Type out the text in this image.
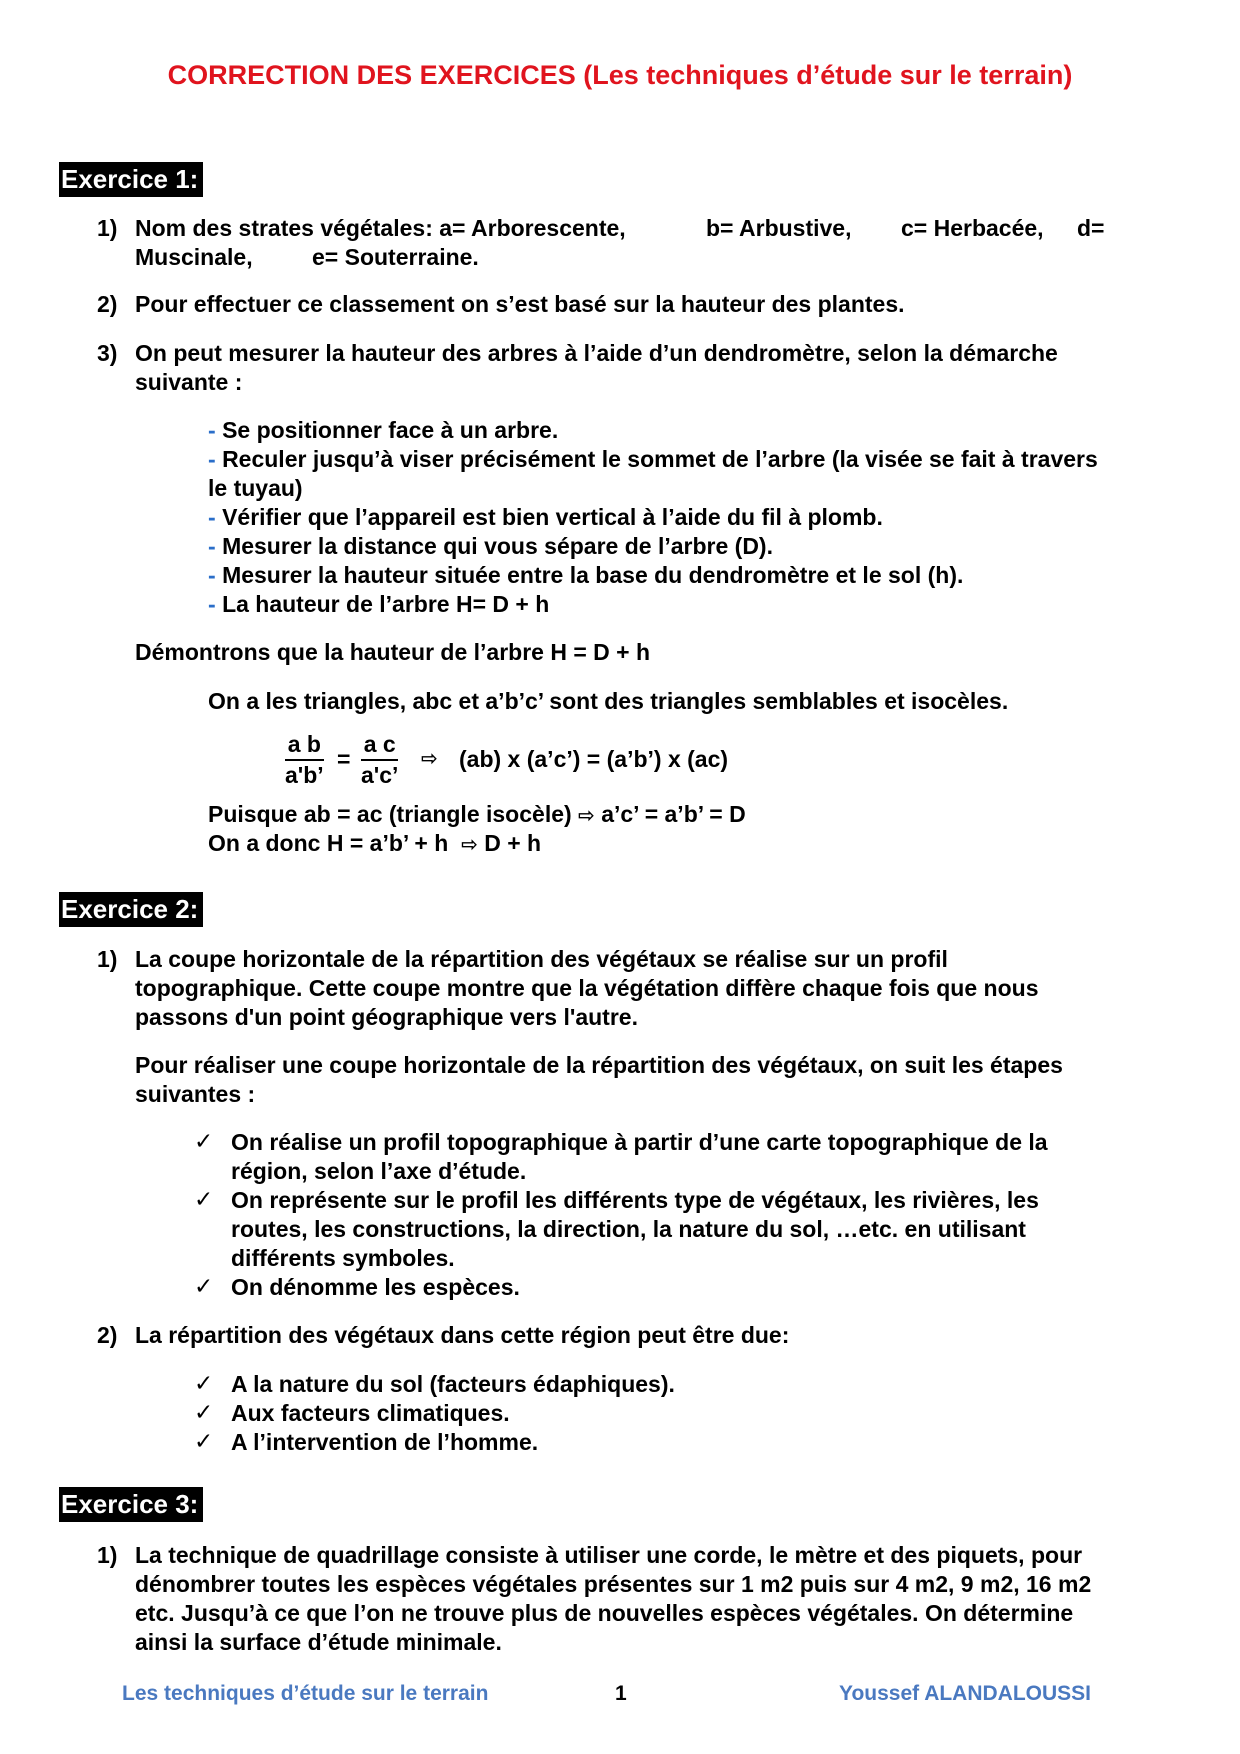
CORRECTION DES EXERCICES (Les techniques d’étude sur le terrain)
Exercice 1:
1) Nom des strates végétales: a= Arborescente,	b= Arbustive, c= Herbacée, d=
Muscinale,	e= Souterraine.
2) Pour effectuer ce classement on s’est basé sur la hauteur des plantes.
3) On peut mesurer la hauteur des arbres à l’aide d’un dendromètre, selon la démarche
suivante :
- Se positionner face à un arbre.
- Reculer jusqu’à viser précisément le sommet de l’arbre (la visée se fait à travers
le tuyau)
- Vérifier que l’appareil est bien vertical à l’aide du fil à plomb.
- Mesurer la distance qui vous sépare de l’arbre (D).
- Mesurer la hauteur située entre la base du dendromètre et le sol (h).
- La hauteur de l’arbre H= D + h
Démontrons que la hauteur de l’arbre H = D + h
On a les triangles, abc et a’b’c’ sont des triangles semblables et isocèles.
$\frac{\text{a b}}{a'b’} = \frac{\text{a c}}{a'c’}$ ⇨ (ab) x (a’c’) = (a’b’) x (ac)
Puisque ab = ac (triangle isocèle) ⇨ a’c’ = a’b’ = D
On a donc H = a’b’ + h ⇨ D + h
Exercice 2:
1) La coupe horizontale de la répartition des végétaux se réalise sur un profil
topographique. Cette coupe montre que la végétation diffère chaque fois que nous
passons d'un point géographique vers l'autre.
Pour réaliser une coupe horizontale de la répartition des végétaux, on suit les étapes
suivantes :
✓ On réalise un profil topographique à partir d’une carte topographique de la
région, selon l’axe d’étude.
✓ On représente sur le profil les différents type de végétaux, les rivières, les
routes, les constructions, la direction, la nature du sol, …etc. en utilisant
différents symboles.
✓ On dénomme les espèces.
2) La répartition des végétaux dans cette région peut être due:
✓ A la nature du sol (facteurs édaphiques).
✓ Aux facteurs climatiques.
✓ A l’intervention de l’homme.
Exercice 3:
1) La technique de quadrillage consiste à utiliser une corde, le mètre et des piquets, pour
dénombrer toutes les espèces végétales présentes sur 1 m2 puis sur 4 m2, 9 m2, 16 m2
etc. Jusqu’à ce que l’on ne trouve plus de nouvelles espèces végétales. On détermine
ainsi la surface d’étude minimale.
Les techniques d’étude sur le terrain	1	Youssef ALANDALOUSSI
